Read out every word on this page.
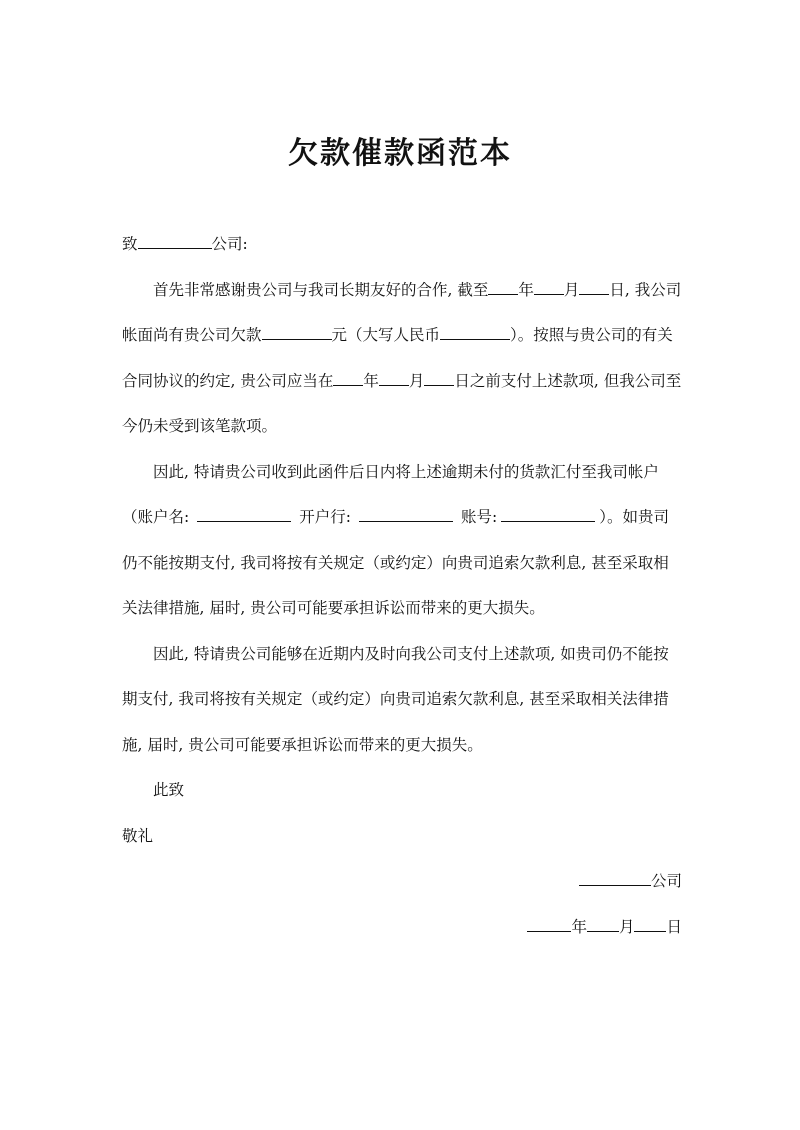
欠款催款函范本

致	公司:

首先非常感谢贵公司与我司长期友好的合作, 截至 年 月 日, 我公司帐面尚有贵公司欠款	元（大写人民币	）。按照与贵公司的有关合同协议的约定, 贵公司应当在 年 月 日之前支付上述款项, 但我公司至今仍未受到该笔款项。

因此, 特请贵公司收到此函件后日内将上述逾期未付的货款汇付至我司帐户（账户名:	开户行:	账号:	）。如贵司仍不能按期支付, 我司将按有关规定（或约定）向贵司追索欠款利息, 甚至采取相关法律措施, 届时, 贵公司可能要承担诉讼而带来的更大损失。

因此, 特请贵公司能够在近期内及时向我公司支付上述款项, 如贵司仍不能按期支付, 我司将按有关规定（或约定）向贵司追索欠款利息, 甚至采取相关法律措施, 届时, 贵公司可能要承担诉讼而带来的更大损失。

此致

敬礼

公司

年 月 日
